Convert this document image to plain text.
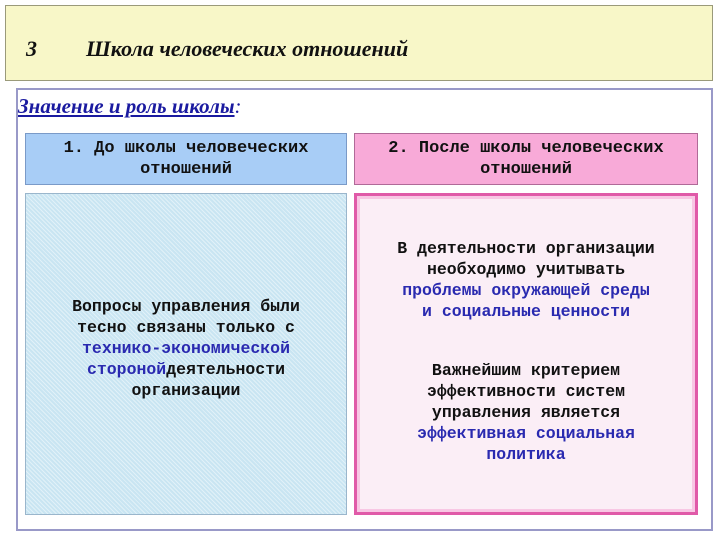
3 Школа человеческих отношений
Значение и роль школы:
1. До школы человеческих
отношений
2. После школы человеческих
отношений
Вопросы управления были
тесно связаны только с
технико-экономической
сторонойдеятельности
организации
В деятельности организации
необходимо учитывать
проблемы окружающей среды
и социальные ценности
Важнейшим критерием
эффективности систем
управления является
эффективная социальная
политика
